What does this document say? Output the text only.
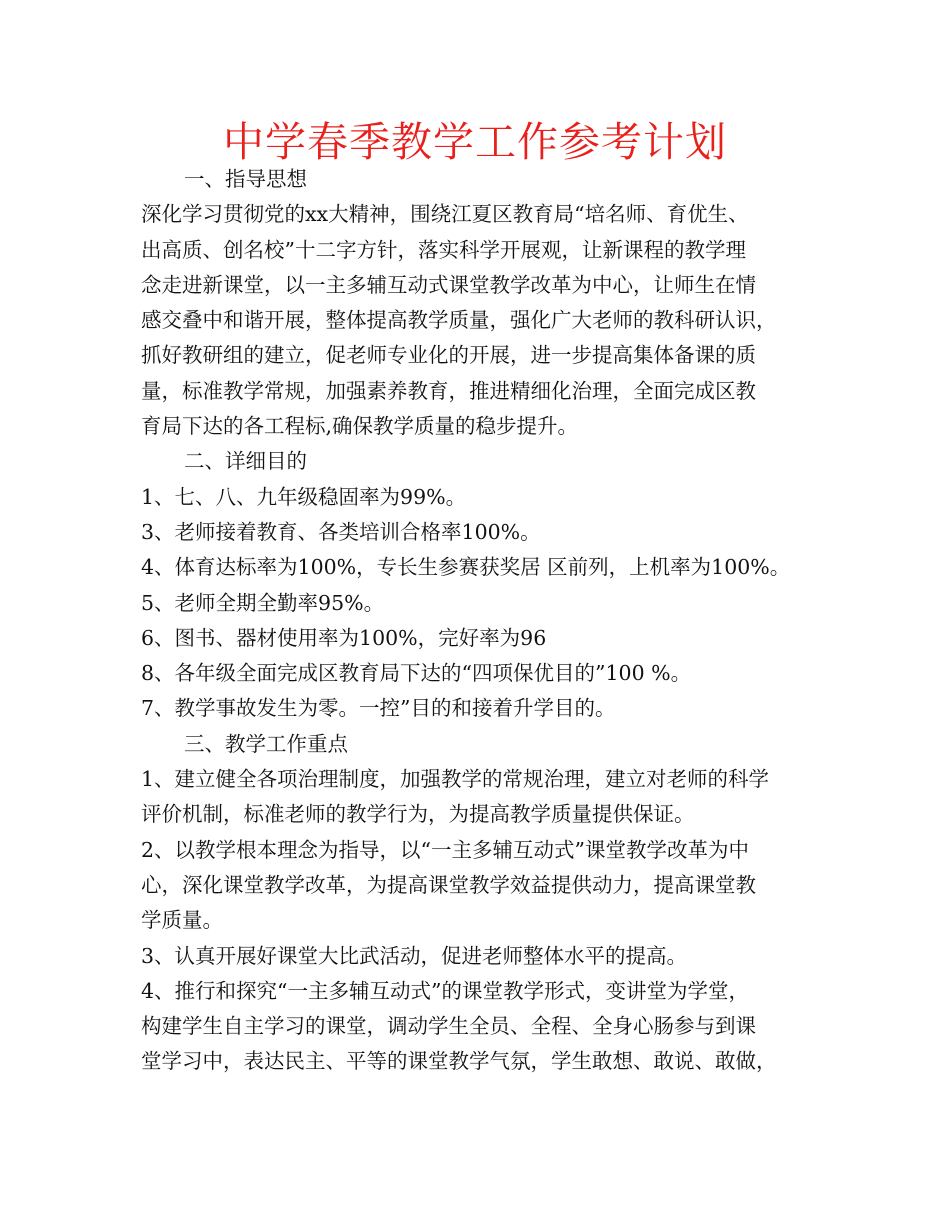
中学春季教学工作参考计划
一、指导思想
深化学习贯彻党的xx大精神，围绕江夏区教育局“培名师、育优生、
出高质、创名校”十二字方针，落实科学开展观，让新课程的教学理
念走进新课堂，以一主多辅互动式课堂教学改革为中心，让师生在情
感交叠中和谐开展，整体提高教学质量，强化广大老师的教科研认识，
抓好教研组的建立，促老师专业化的开展，进一步提高集体备课的质
量，标准教学常规，加强素养教育，推进精细化治理，全面完成区教
育局下达的各工程标,确保教学质量的稳步提升。
二、详细目的
1、七、八、九年级稳固率为99%。
3、老师接着教育、各类培训合格率100%。
4、体育达标率为100%，专长生参赛获奖居 区前列，上机率为100%。
5、老师全期全勤率95%。
6、图书、器材使用率为100%，完好率为96
8、各年级全面完成区教育局下达的“四项保优目的”100 %。
7、教学事故发生为零。一控”目的和接着升学目的。
三、教学工作重点
1、建立健全各项治理制度，加强教学的常规治理，建立对老师的科学
评价机制，标准老师的教学行为，为提高教学质量提供保证。
2、以教学根本理念为指导，以“一主多辅互动式”课堂教学改革为中
心，深化课堂教学改革，为提高课堂教学效益提供动力，提高课堂教
学质量。
3、认真开展好课堂大比武活动，促进老师整体水平的提高。
4、推行和探究“一主多辅互动式”的课堂教学形式，变讲堂为学堂，
构建学生自主学习的课堂，调动学生全员、全程、全身心肠参与到课
堂学习中，表达民主、平等的课堂教学气氛，学生敢想、敢说、敢做，
